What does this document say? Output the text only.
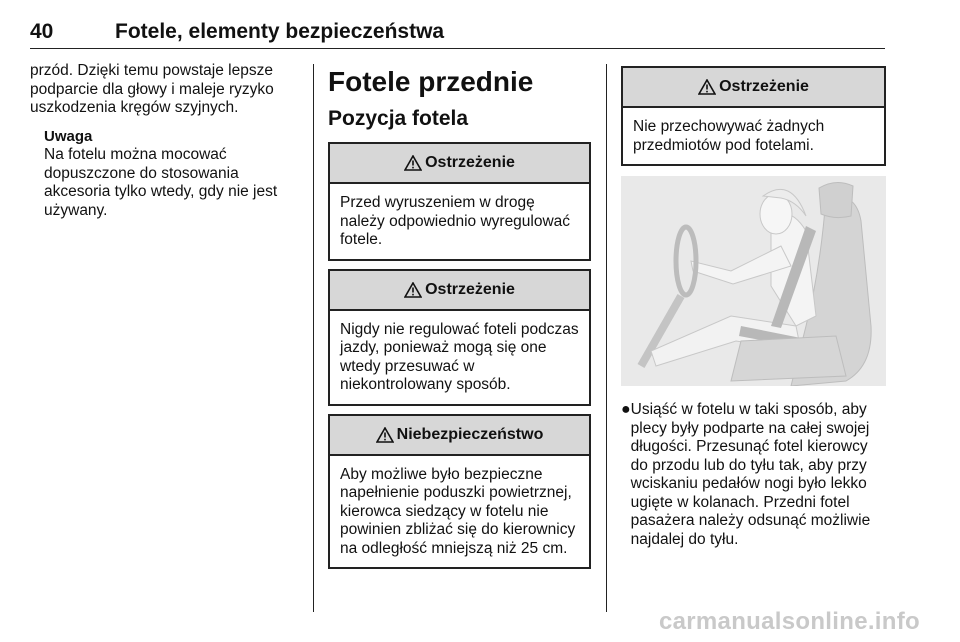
40	Fotele, elementy bezpieczeństwa

przód. Dzięki temu powstaje lepsze podparcie dla głowy i maleje ryzyko uszkodzenia kręgów szyjnych.

Uwaga

Na fotelu można mocować dopuszczone do stosowania akcesoria tylko wtedy, gdy nie jest używany.

Fotele przednie
Pozycja fotela
Ostrzeżenie
Przed wyruszeniem w drogę należy odpowiednio wyregulować fotele.
Ostrzeżenie
Nigdy nie regulować foteli podczas jazdy, ponieważ mogą się one wtedy przesuwać w niekontrolowany sposób.
Niebezpieczeństwo
Aby możliwe było bezpieczne napełnienie poduszki powietrznej, kierowca siedzący w fotelu nie powinien zbliżać się do kierownicy na odległość mniejszą niż 25 cm.
Ostrzeżenie
Nie przechowywać żadnych przedmiotów pod fotelami.
● Usiąść w fotelu w taki sposób, aby plecy były podparte na całej swojej długości. Przesunąć fotel kierowcy do przodu lub do tyłu tak, aby przy wciskaniu pedałów nogi było lekko ugięte w kolanach. Przedni fotel pasażera należy odsunąć możliwie najdalej do tyłu.

carmanualsonline.info
